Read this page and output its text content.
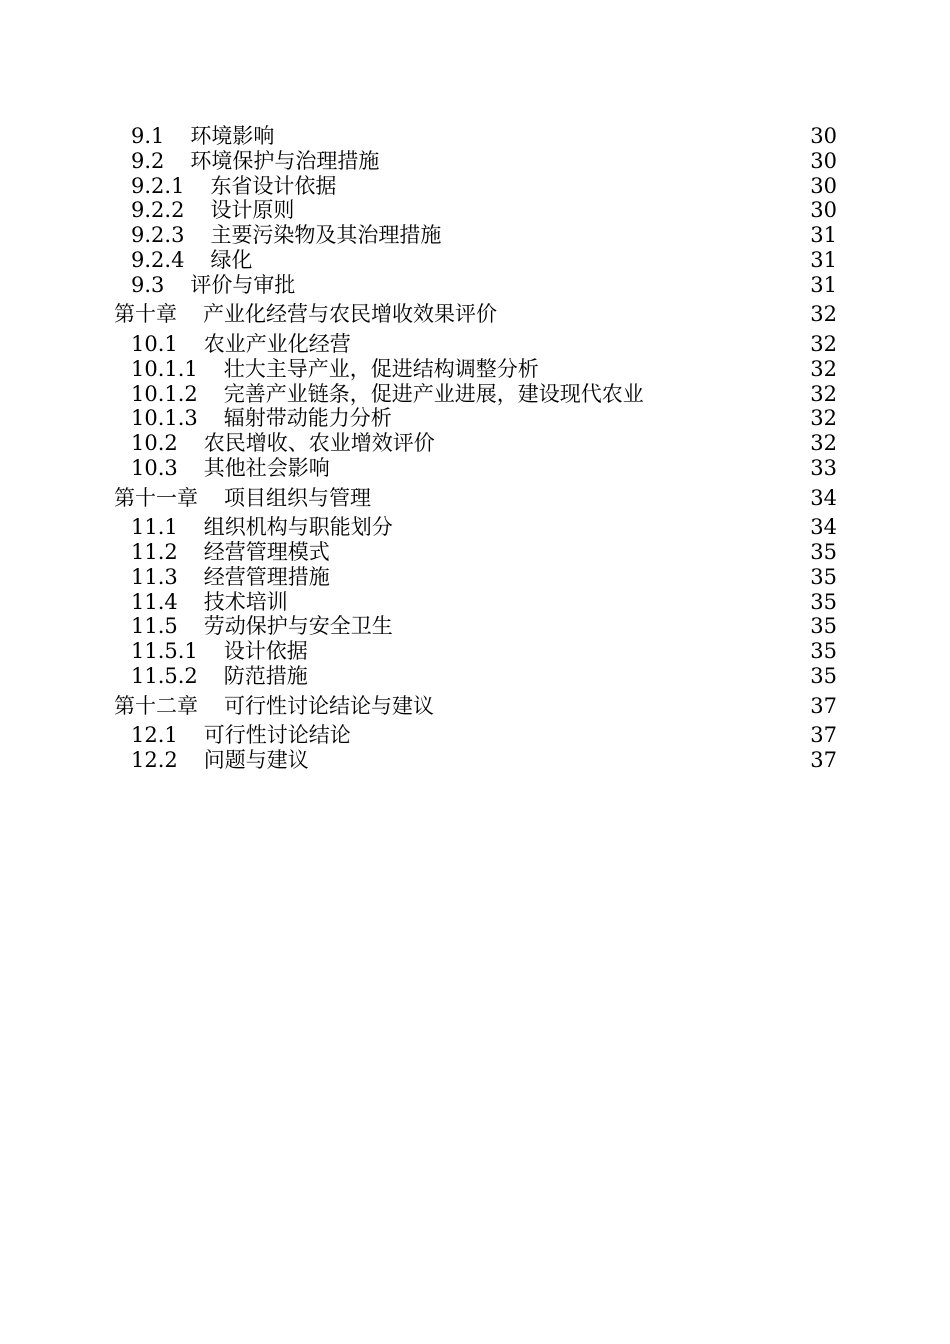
9.1 环境影响	30
9.2 环境保护与治理措施	30
9.2.1 东省设计依据	30
9.2.2 设计原则	30
9.2.3 主要污染物及其治理措施	31
9.2.4 绿化	31
9.3 评价与审批	31
第十章 产业化经营与农民增收效果评价	32
10.1 农业产业化经营	32
10.1.1 壮大主导产业，促进结构调整分析	32
10.1.2 完善产业链条，促进产业进展，建设现代农业	32
10.1.3 辐射带动能力分析	32
10.2 农民增收、农业增效评价	32
10.3 其他社会影响	33
第十一章 项目组织与管理	34
11.1 组织机构与职能划分	34
11.2 经营管理模式	35
11.3 经营管理措施	35
11.4 技术培训	35
11.5 劳动保护与安全卫生	35
11.5.1 设计依据	35
11.5.2 防范措施	35
第十二章 可行性讨论结论与建议	37
12.1 可行性讨论结论	37
12.2 问题与建议	37
